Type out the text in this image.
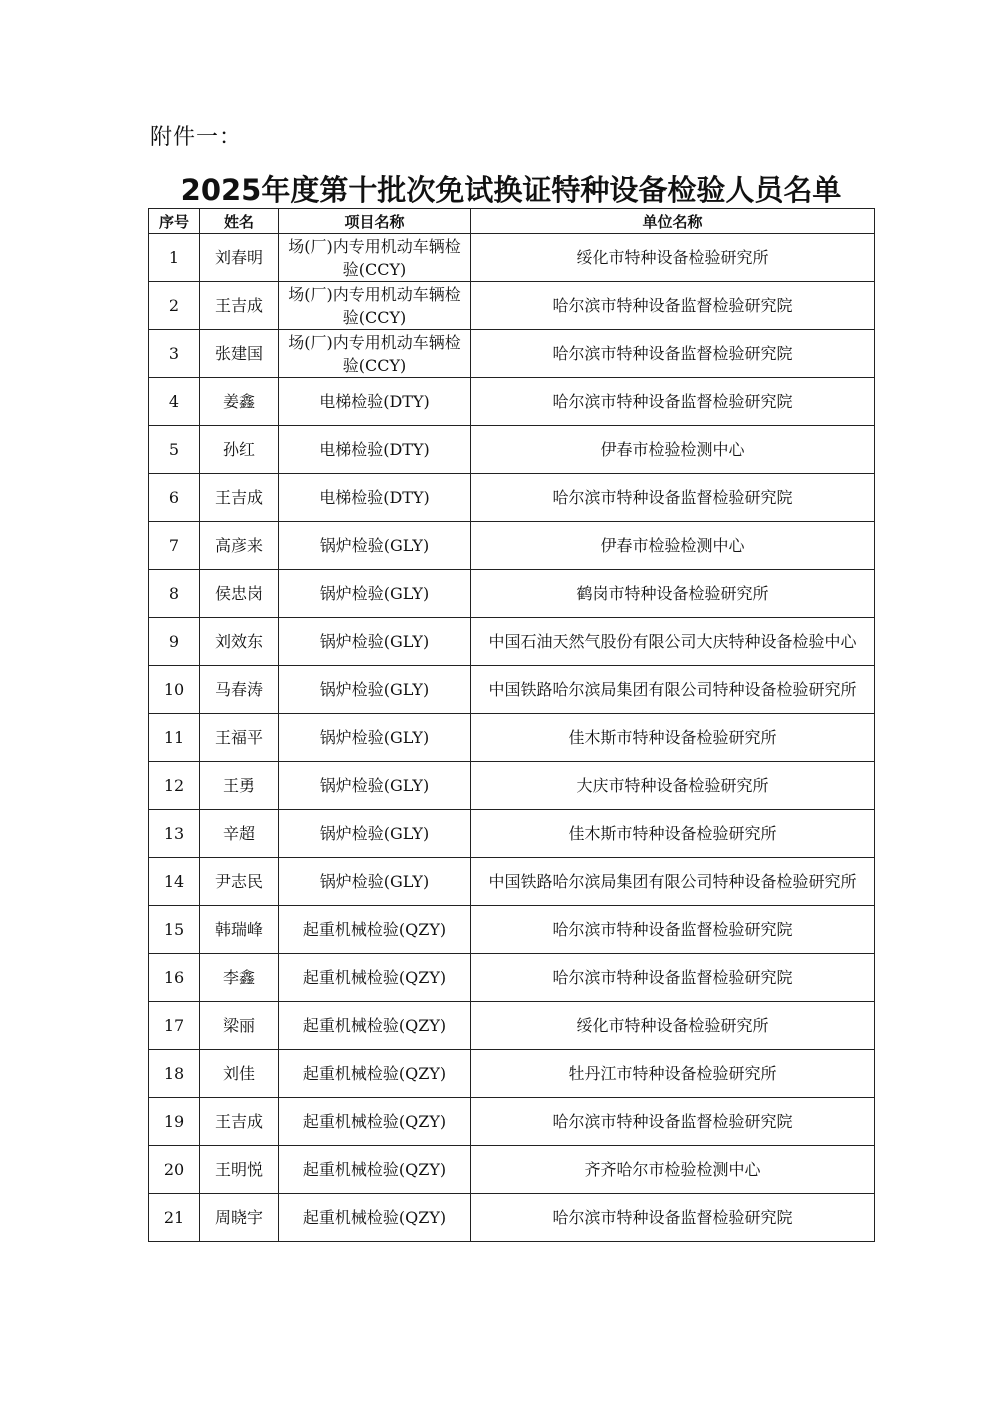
附件一：
2025年度第十批次免试换证特种设备检验人员名单
序号	姓名	项目名称	单位名称
1	刘春明	场(厂)内专用机动车辆检验(CCY)	绥化市特种设备检验研究所
2	王吉成	场(厂)内专用机动车辆检验(CCY)	哈尔滨市特种设备监督检验研究院
3	张建国	场(厂)内专用机动车辆检验(CCY)	哈尔滨市特种设备监督检验研究院
4	姜鑫	电梯检验(DTY)	哈尔滨市特种设备监督检验研究院
5	孙红	电梯检验(DTY)	伊春市检验检测中心
6	王吉成	电梯检验(DTY)	哈尔滨市特种设备监督检验研究院
7	高彦来	锅炉检验(GLY)	伊春市检验检测中心
8	侯忠岗	锅炉检验(GLY)	鹤岗市特种设备检验研究所
9	刘效东	锅炉检验(GLY)	中国石油天然气股份有限公司大庆特种设备检验中心
10	马春涛	锅炉检验(GLY)	中国铁路哈尔滨局集团有限公司特种设备检验研究所
11	王福平	锅炉检验(GLY)	佳木斯市特种设备检验研究所
12	王勇	锅炉检验(GLY)	大庆市特种设备检验研究所
13	辛超	锅炉检验(GLY)	佳木斯市特种设备检验研究所
14	尹志民	锅炉检验(GLY)	中国铁路哈尔滨局集团有限公司特种设备检验研究所
15	韩瑞峰	起重机械检验(QZY)	哈尔滨市特种设备监督检验研究院
16	李鑫	起重机械检验(QZY)	哈尔滨市特种设备监督检验研究院
17	梁丽	起重机械检验(QZY)	绥化市特种设备检验研究所
18	刘佳	起重机械检验(QZY)	牡丹江市特种设备检验研究所
19	王吉成	起重机械检验(QZY)	哈尔滨市特种设备监督检验研究院
20	王明悦	起重机械检验(QZY)	齐齐哈尔市检验检测中心
21	周晓宇	起重机械检验(QZY)	哈尔滨市特种设备监督检验研究院
